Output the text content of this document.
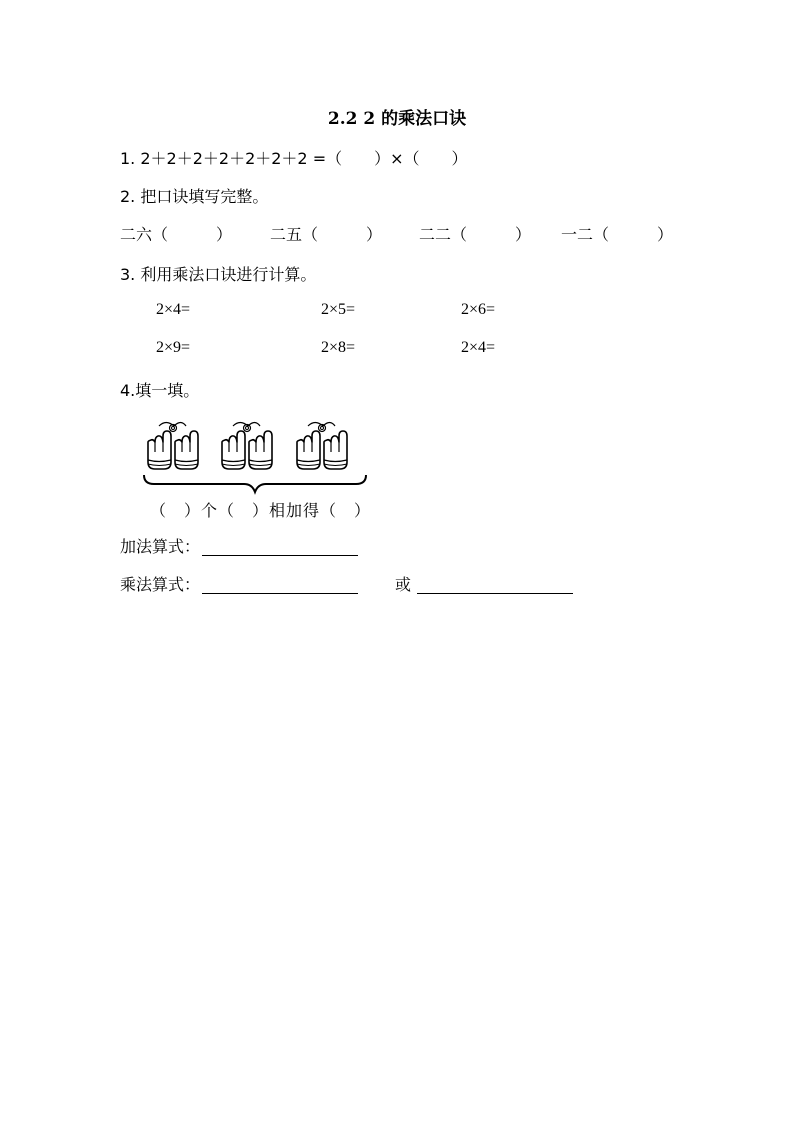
2.2 2 的乘法口诀
1. 2＋2＋2＋2＋2＋2＋2 =（　　）×（　　）
2. 把口诀填写完整。
二六（　　　） 二五（　　　） 二二（　　　） 一二（　　　）
3. 利用乘法口诀进行计算。
2×4=	2×5=	2×6=
2×9=	2×8=	2×4=
4.填一填。
（　）个（　）相加得（　）
加法算式：
乘法算式：	或
